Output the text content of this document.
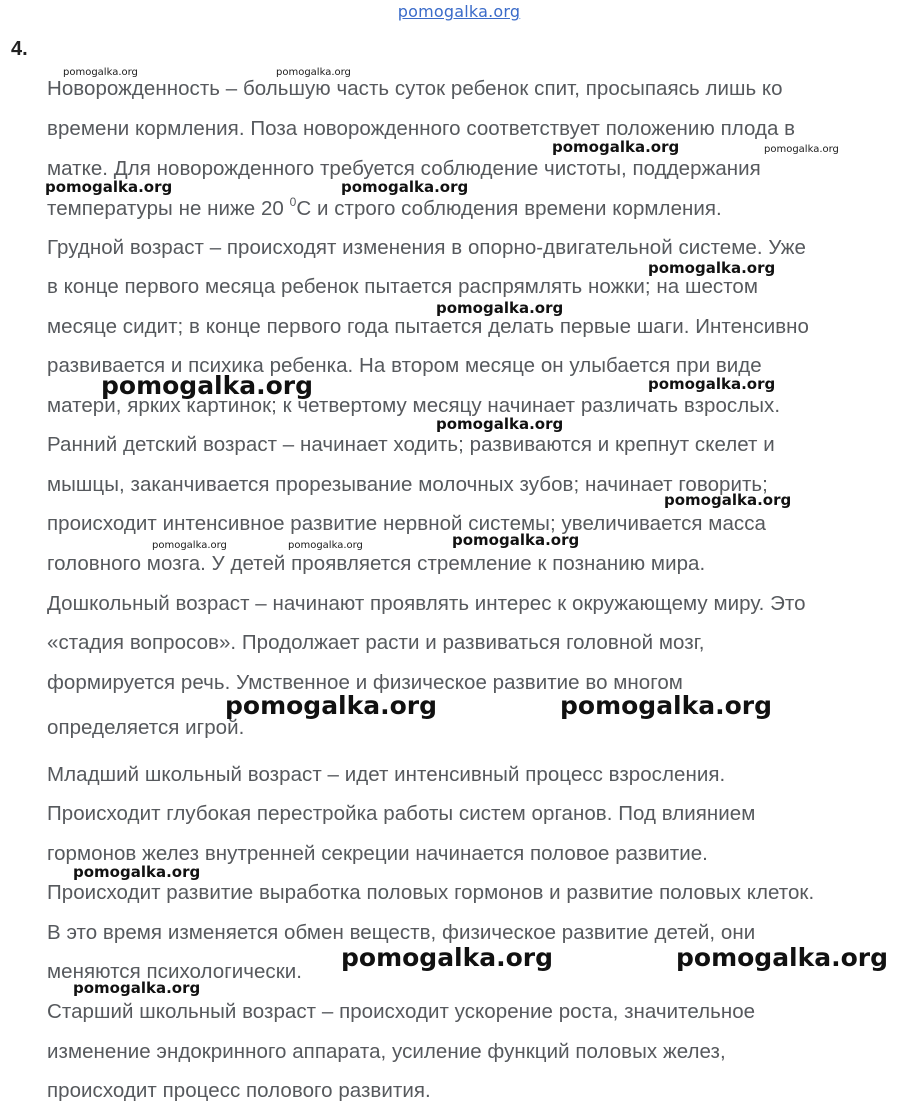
pomogalka.org
4.
Новорожденность – большую часть суток ребенок спит, просыпаясь лишь ко
времени кормления. Поза новорожденного соответствует положению плода в
матке. Для новорожденного требуется соблюдение чистоты, поддержания
температуры не ниже 20 $^0$С и строго соблюдения времени кормления.
Грудной возраст – происходят изменения в опорно-двигательной системе. Уже
в конце первого месяца ребенок пытается распрямлять ножки; на шестом
месяце сидит; в конце первого года пытается делать первые шаги. Интенсивно
развивается и психика ребенка. На втором месяце он улыбается при виде
матери, ярких картинок; к четвертому месяцу начинает различать взрослых.
Ранний детский возраст – начинает ходить; развиваются и крепнут скелет и
мышцы, заканчивается прорезывание молочных зубов; начинает говорить;
происходит интенсивное развитие нервной системы; увеличивается масса
головного мозга. У детей проявляется стремление к познанию мира.
Дошкольный возраст – начинают проявлять интерес к окружающему миру. Это
«стадия вопросов». Продолжает расти и развиваться головной мозг,
формируется речь. Умственное и физическое развитие во многом
определяется игрой.
Младший школьный возраст – идет интенсивный процесс взросления.
Происходит глубокая перестройка работы систем органов. Под влиянием
гормонов желез внутренней секреции начинается половое развитие.
Происходит развитие выработка половых гормонов и развитие половых клеток.
В это время изменяется обмен веществ, физическое развитие детей, они
меняются психологически.
Старший школьный возраст – происходит ускорение роста, значительное
изменение эндокринного аппарата, усиление функций половых желез,
происходит процесс полового развития.
pomogalka.org	pomogalka.org
pomogalka.org	pomogalka.org
pomogalka.org	pomogalka.org
pomogalka.org
pomogalka.org
pomogalka.org	pomogalka.org
pomogalka.org
pomogalka.org
pomogalka.org
pomogalka.org	pomogalka.org
pomogalka.org	pomogalka.org
pomogalka.org
pomogalka.org	pomogalka.org
pomogalka.org
